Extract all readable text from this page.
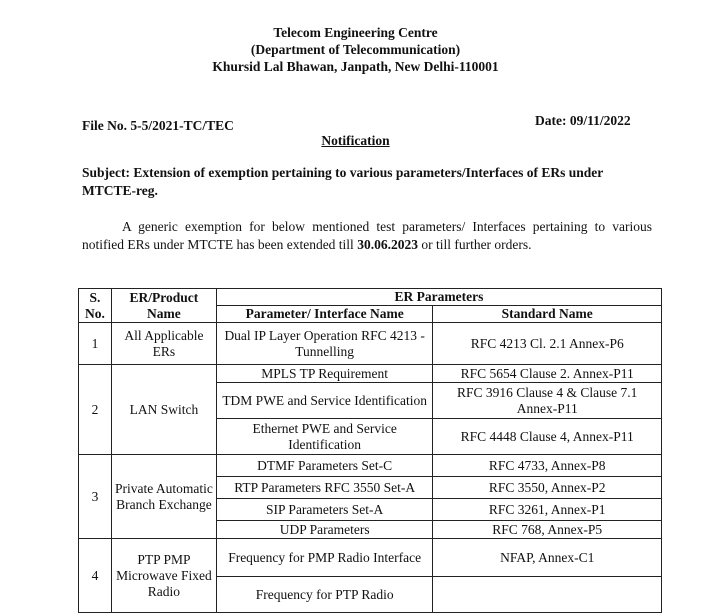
Telecom Engineering Centre
(Department of Telecommunication)
Khursid Lal Bhawan, Janpath, New Delhi-110001
File No. 5-5/2021-TC/TEC	Date: 09/11/2022
Notification
Subject: Extension of exemption pertaining to various parameters/Interfaces of ERs under MTCTE-reg.
A generic exemption for below mentioned test parameters/ Interfaces pertaining to various notified ERs under MTCTE has been extended till 30.06.2023 or till further orders.
S. No.	ER/Product Name	ER Parameters	
		Parameter/ Interface Name	Standard Name
1	All Applicable ERs	Dual IP Layer Operation RFC 4213 - Tunnelling	RFC 4213 Cl. 2.1 Annex-P6
2	LAN Switch	MPLS TP Requirement	RFC 5654 Clause 2. Annex-P11
		TDM PWE and Service Identification	RFC 3916 Clause 4 & Clause 7.1 Annex-P11
		Ethernet PWE and Service Identification	RFC 4448 Clause 4, Annex-P11
3	Private Automatic Branch Exchange	DTMF Parameters Set-C	RFC 4733, Annex-P8
		RTP Parameters RFC 3550 Set-A	RFC 3550, Annex-P2
		SIP Parameters Set-A	RFC 3261, Annex-P1
		UDP Parameters	RFC 768, Annex-P5
4	PTP PMP Microwave Fixed Radio	Frequency for PMP Radio Interface	NFAP, Annex-C1
		Frequency for PTP Radio	
